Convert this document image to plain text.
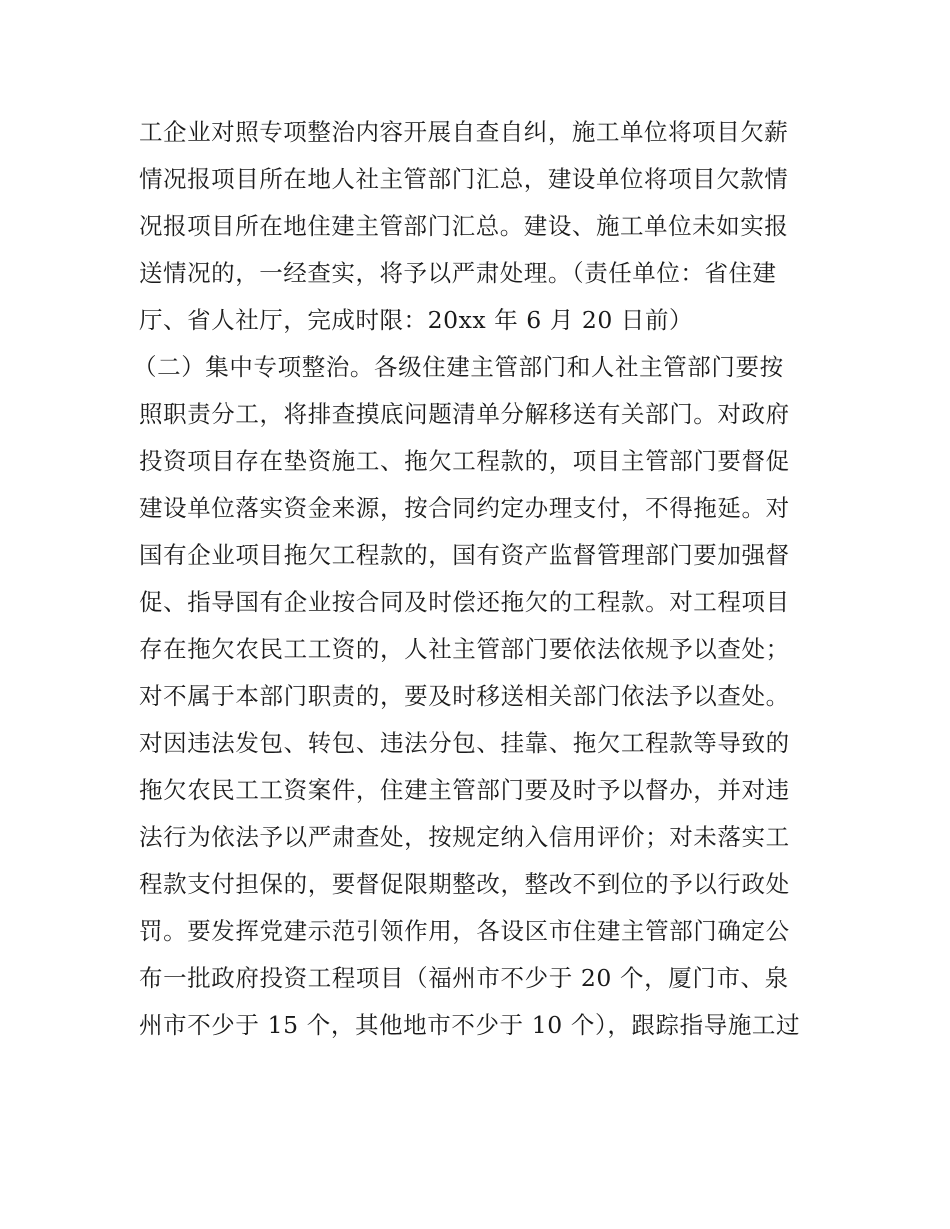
工企业对照专项整治内容开展自查自纠，施工单位将项目欠薪
情况报项目所在地人社主管部门汇总，建设单位将项目欠款情
况报项目所在地住建主管部门汇总。建设、施工单位未如实报
送情况的，一经查实，将予以严肃处理。（责任单位：省住建
厅、省人社厅，完成时限：20xx 年 6 月 20 日前）
（二）集中专项整治。各级住建主管部门和人社主管部门要按
照职责分工，将排查摸底问题清单分解移送有关部门。对政府
投资项目存在垫资施工、拖欠工程款的，项目主管部门要督促
建设单位落实资金来源，按合同约定办理支付，不得拖延。对
国有企业项目拖欠工程款的，国有资产监督管理部门要加强督
促、指导国有企业按合同及时偿还拖欠的工程款。对工程项目
存在拖欠农民工工资的，人社主管部门要依法依规予以查处；
对不属于本部门职责的，要及时移送相关部门依法予以查处。
对因违法发包、转包、违法分包、挂靠、拖欠工程款等导致的
拖欠农民工工资案件，住建主管部门要及时予以督办，并对违
法行为依法予以严肃查处，按规定纳入信用评价；对未落实工
程款支付担保的，要督促限期整改，整改不到位的予以行政处
罚。要发挥党建示范引领作用，各设区市住建主管部门确定公
布一批政府投资工程项目（福州市不少于 20 个，厦门市、泉
州市不少于 15 个，其他地市不少于 10 个），跟踪指导施工过
